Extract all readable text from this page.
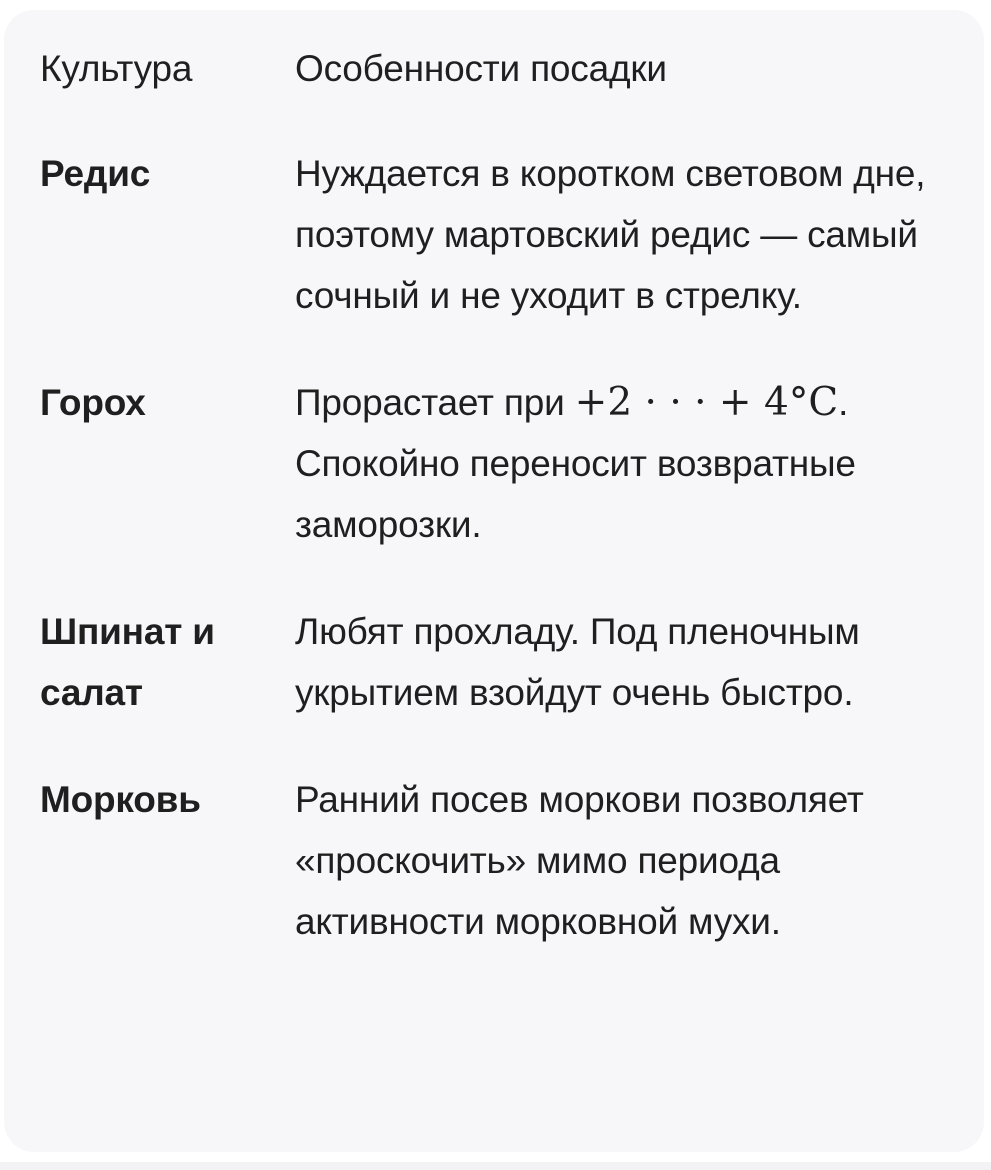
Культура	Особенности посадки
Редис	Нуждается в коротком световом дне, поэтому мартовский редис — самый сочный и не уходит в стрелку.
Горох	Прорастает при +2 · · · + 4°С. Спокойно переносит возвратные заморозки.
Шпинат и салат	Любят прохладу. Под пленочным укрытием взойдут очень быстро.
Морковь	Ранний посев моркови позволяет «проскочить» мимо периода активности морковной мухи.
